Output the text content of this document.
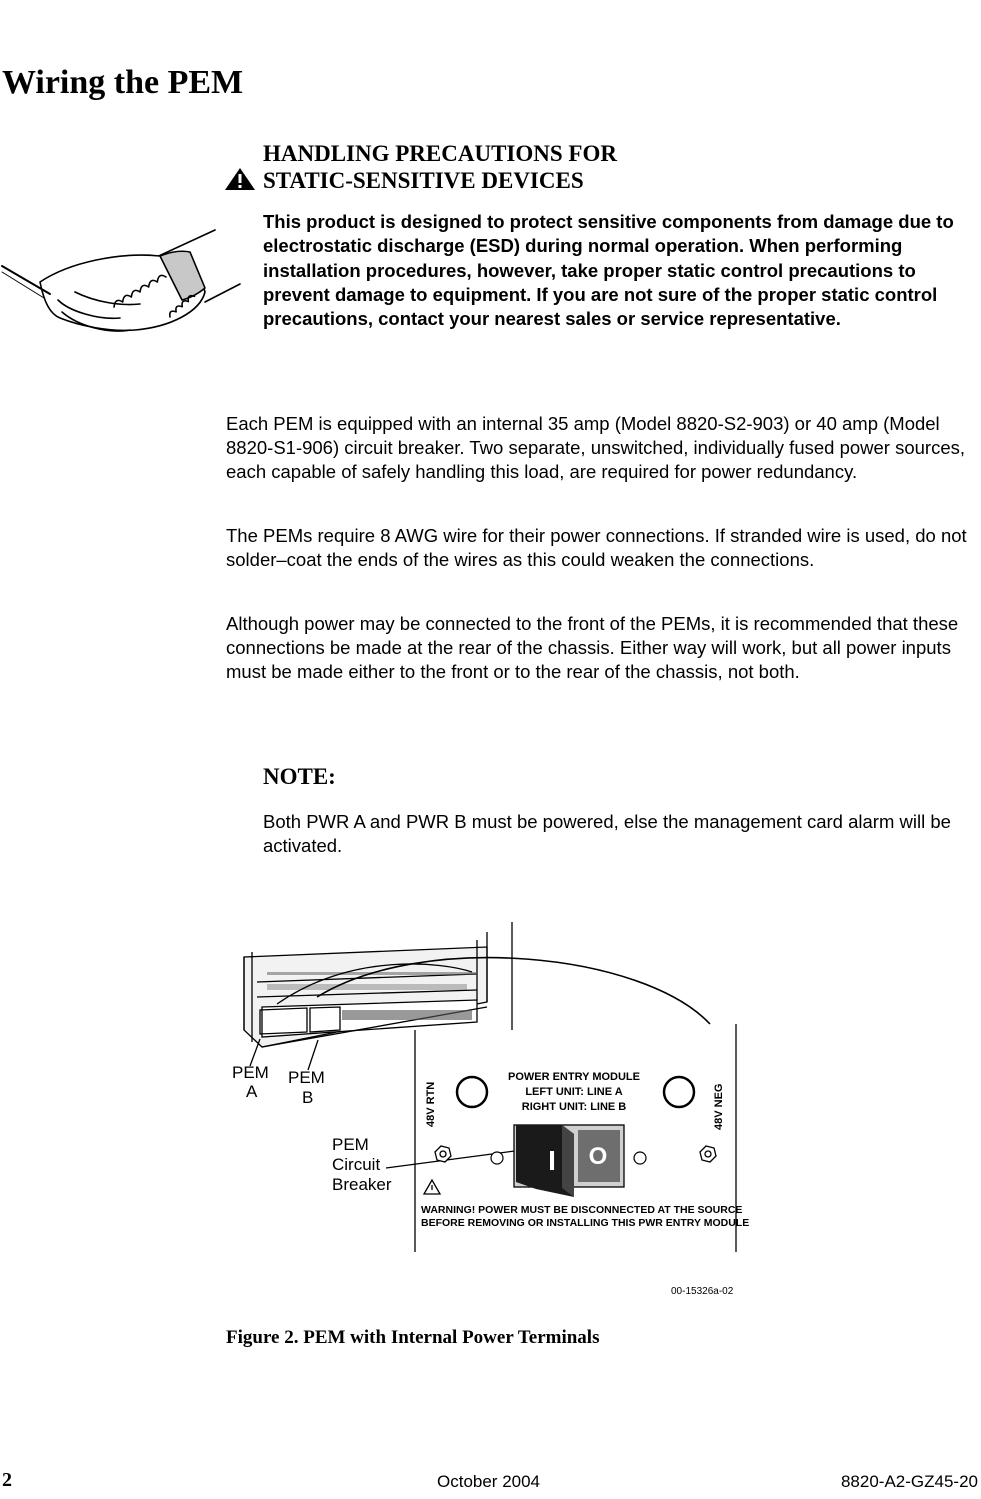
Wiring the PEM
HANDLING PRECAUTIONS FOR
STATIC-SENSITIVE DEVICES

This product is designed to protect sensitive components from damage due to electrostatic discharge (ESD) during normal operation. When performing installation procedures, however, take proper static control precautions to prevent damage to equipment. If you are not sure of the proper static control precautions, contact your nearest sales or service representative.

Each PEM is equipped with an internal 35 amp (Model 8820-S2-903) or 40 amp (Model 8820-S1-906) circuit breaker. Two separate, unswitched, individually fused power sources, each capable of safely handling this load, are required for power redundancy.

The PEMs require 8 AWG wire for their power connections. If stranded wire is used, do not solder–coat the ends of the wires as this could weaken the connections.

Although power may be connected to the front of the PEMs, it is recommended that these connections be made at the rear of the chassis. Either way will work, but all power inputs must be made either to the front or to the rear of the chassis, not both.

NOTE:

Both PWR A and PWR B must be powered, else the management card alarm will be activated.

PEM
A
PEM
B
PEM
Circuit
Breaker
48V RTN	48V NEG
POWER ENTRY MODULE
LEFT UNIT: LINE A
RIGHT UNIT: LINE B
I O
WARNING! POWER MUST BE DISCONNECTED AT THE SOURCE
BEFORE REMOVING OR INSTALLING THIS PWR ENTRY MODULE
00-15326a-02

Figure 2. PEM with Internal Power Terminals

2	October 2004	8820-A2-GZ45-20
